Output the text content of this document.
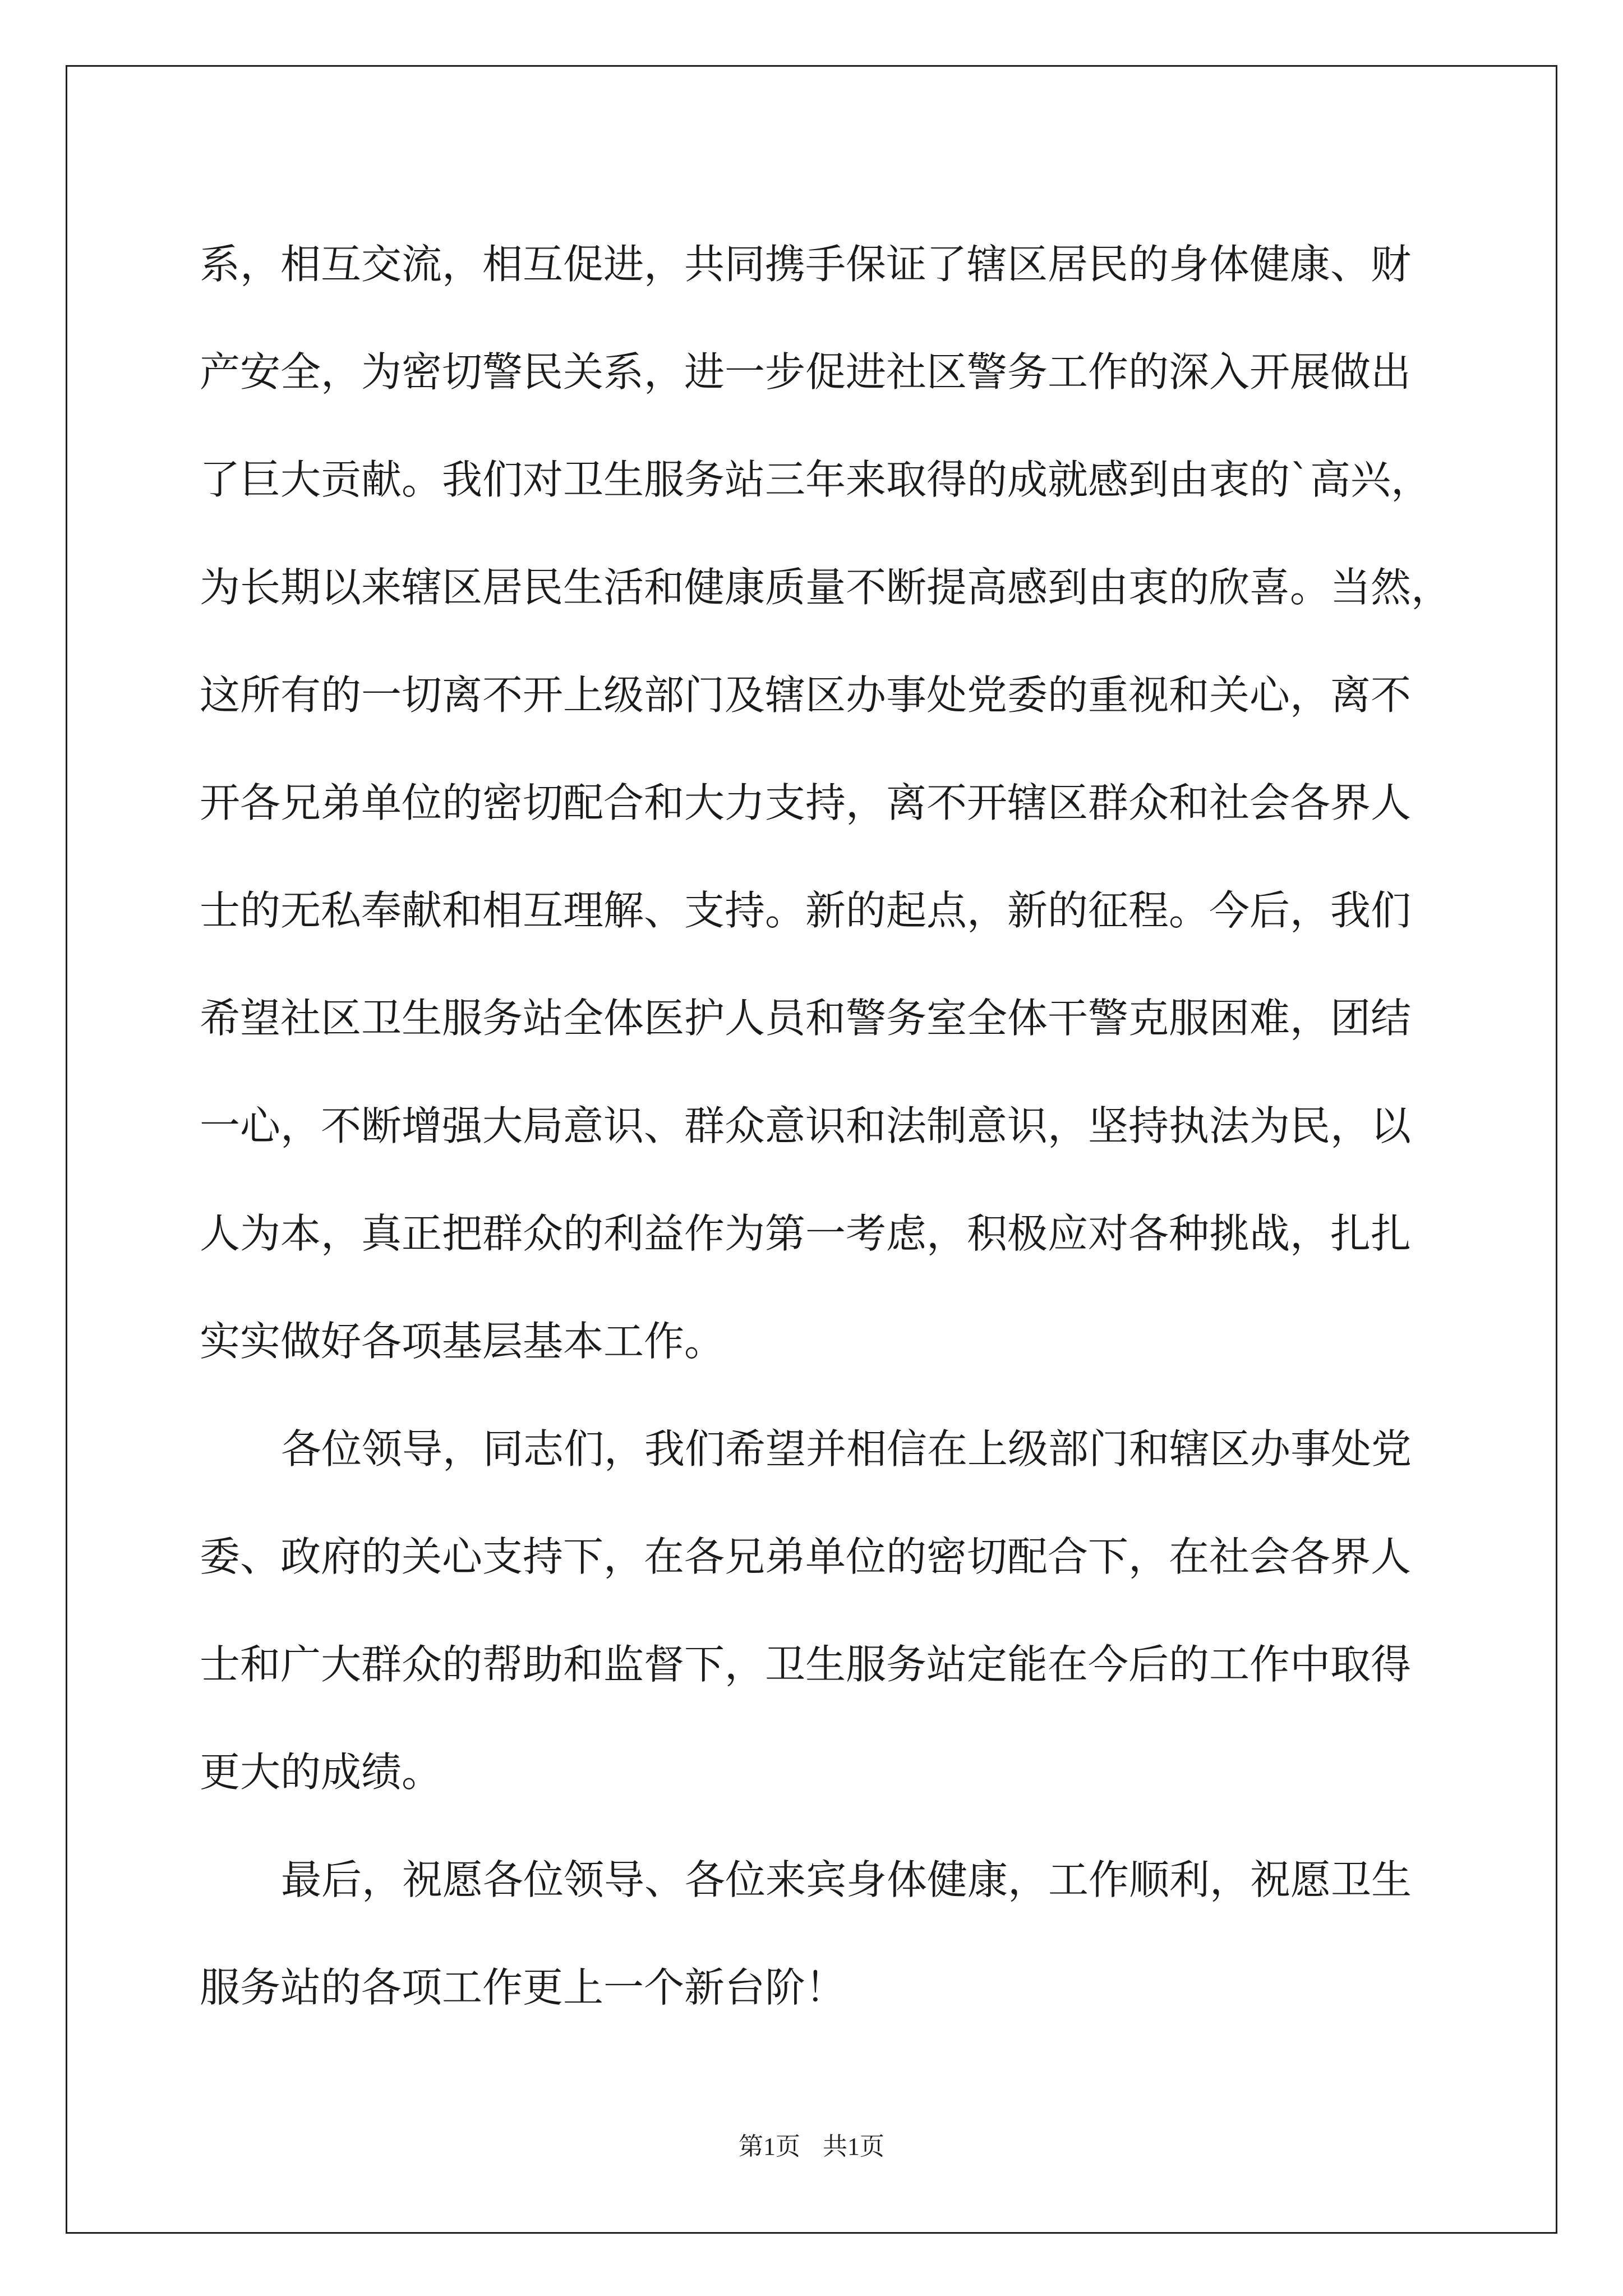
系，相互交流，相互促进，共同携手保证了辖区居民的身体健康、财
产安全，为密切警民关系，进一步促进社区警务工作的深入开展做出
了巨大贡献。我们对卫生服务站三年来取得的成就感到由衷的`高兴，
为长期以来辖区居民生活和健康质量不断提高感到由衷的欣喜。当然，
这所有的一切离不开上级部门及辖区办事处党委的重视和关心，离不
开各兄弟单位的密切配合和大力支持，离不开辖区群众和社会各界人
士的无私奉献和相互理解、支持。新的起点，新的征程。今后，我们
希望社区卫生服务站全体医护人员和警务室全体干警克服困难，团结
一心，不断增强大局意识、群众意识和法制意识，坚持执法为民，以
人为本，真正把群众的利益作为第一考虑，积极应对各种挑战，扎扎
实实做好各项基层基本工作。
各位领导，同志们，我们希望并相信在上级部门和辖区办事处党
委、政府的关心支持下，在各兄弟单位的密切配合下，在社会各界人
士和广大群众的帮助和监督下，卫生服务站定能在今后的工作中取得
更大的成绩。
最后，祝愿各位领导、各位来宾身体健康，工作顺利，祝愿卫生
服务站的各项工作更上一个新台阶！
第1页 共1页
